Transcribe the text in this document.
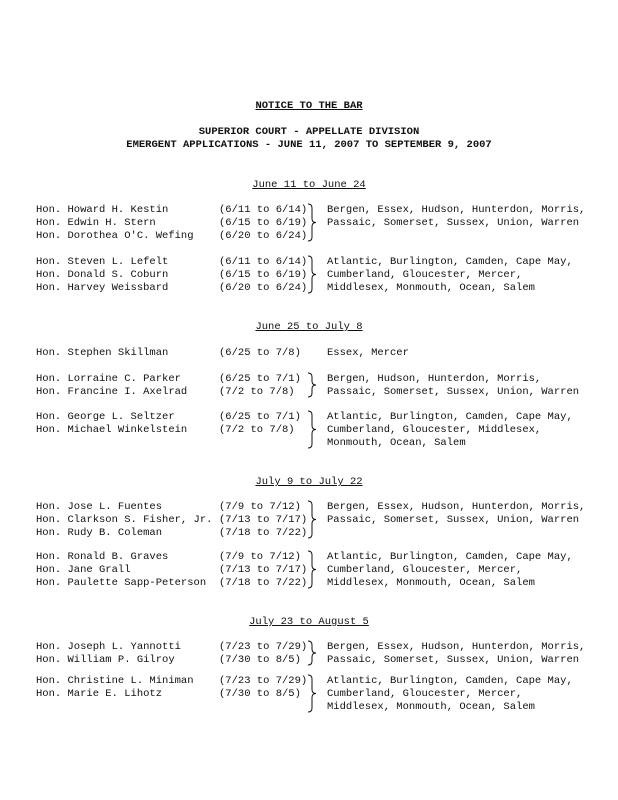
NOTICE TO THE BAR
SUPERIOR COURT - APPELLATE DIVISION
EMERGENT APPLICATIONS - JUNE 11, 2007 TO SEPTEMBER 9, 2007
June 11 to June 24
Hon. Howard H. Kestin	(6/11 to 6/14)
Hon. Edwin H. Stern	(6/15 to 6/19)
Hon. Dorothea O'C. Wefing (6/20 to 6/24)
Bergen, Essex, Hudson, Hunterdon, Morris,
Passaic, Somerset, Sussex, Union, Warren
Hon. Steven L. Lefelt	(6/11 to 6/14)
Hon. Donald S. Coburn	(6/15 to 6/19)
Hon. Harvey Weissbard	(6/20 to 6/24)
Atlantic, Burlington, Camden, Cape May,
Cumberland, Gloucester, Mercer,
Middlesex, Monmouth, Ocean, Salem
June 25 to July 8
Hon. Stephen Skillman	(6/25 to 7/8) Essex, Mercer
Hon. Lorraine C. Parker	(6/25 to 7/1)
Hon. Francine I. Axelrad	(7/2 to 7/8)
Bergen, Hudson, Hunterdon, Morris,
Passaic, Somerset, Sussex, Union, Warren
Hon. George L. Seltzer	(6/25 to 7/1)
Hon. Michael Winkelstein	(7/2 to 7/8)
Atlantic, Burlington, Camden, Cape May,
Cumberland, Gloucester, Middlesex,
Monmouth, Ocean, Salem
July 9 to July 22
Hon. Jose L. Fuentes	(7/9 to 7/12)
Hon. Clarkson S. Fisher, Jr. (7/13 to 7/17)
Hon. Rudy B. Coleman	(7/18 to 7/22)
Bergen, Essex, Hudson, Hunterdon, Morris,
Passaic, Somerset, Sussex, Union, Warren
Hon. Ronald B. Graves	(7/9 to 7/12)
Hon. Jane Grall	(7/13 to 7/17)
Hon. Paulette Sapp-Peterson (7/18 to 7/22)
Atlantic, Burlington, Camden, Cape May,
Cumberland, Gloucester, Mercer,
Middlesex, Monmouth, Ocean, Salem
July 23 to August 5
Hon. Joseph L. Yannotti	(7/23 to 7/29)
Hon. William P. Gilroy	(7/30 to 8/5)
Bergen, Essex, Hudson, Hunterdon, Morris,
Passaic, Somerset, Sussex, Union, Warren
Hon. Christine L. Miniman (7/23 to 7/29)
Hon. Marie E. Lihotz	(7/30 to 8/5)
Atlantic, Burlington, Camden, Cape May,
Cumberland, Gloucester, Mercer,
Middlesex, Monmouth, Ocean, Salem
